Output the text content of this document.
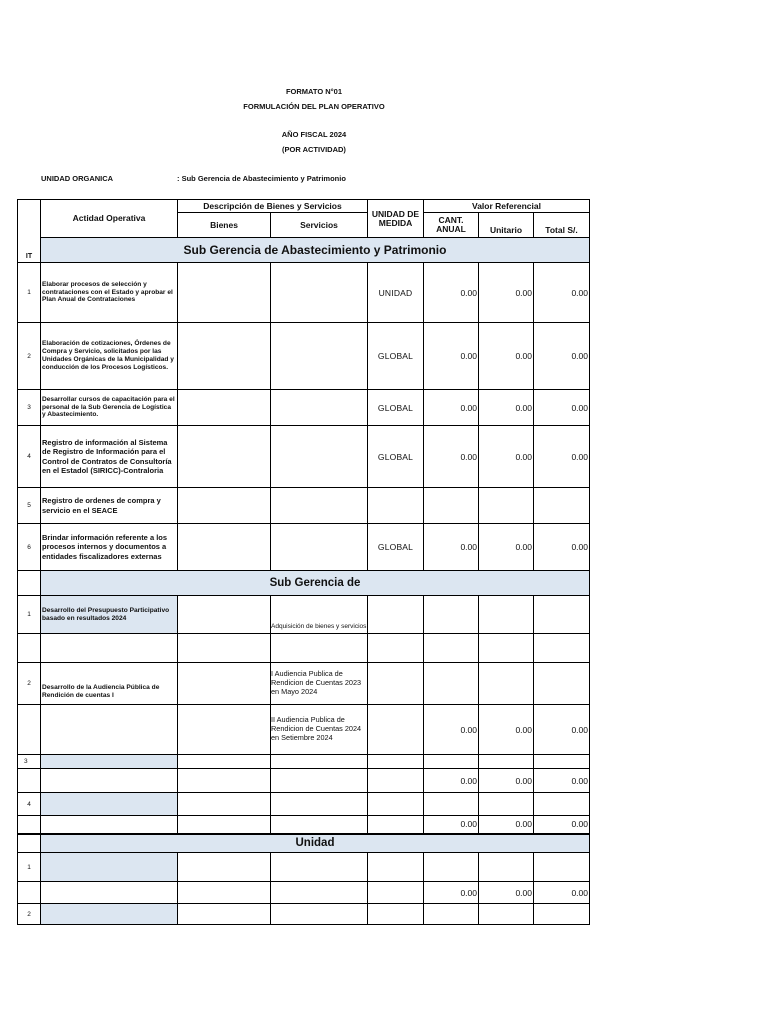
FORMATO N°01
FORMULACIÓN DEL PLAN OPERATIVO
AÑO FISCAL 2024
(POR ACTIVIDAD)
UNIDAD ORGANICA	: Sub Gerencia de Abastecimiento y Patrimonio
IT	Actidad Operativa	Descripción de Bienes y Servicios		UNIDAD DE MEDIDA	Valor Referencial		
		Bienes	Servicios		CANT. ANUAL	Unitario	Total S/.
	Sub Gerencia de Abastecimiento y Patrimonio						
1	Elaborar procesos de selección y contrataciones con el Estado y aprobar el Plan Anual de Contrataciones			UNIDAD	0.00	0.00	0.00
2	Elaboración de cotizaciones, Órdenes de Compra y Servicio, solicitados por las Unidades Orgánicas de la Municipalidad y conducción de los Procesos Logísticos.			GLOBAL	0.00	0.00	0.00
3	Desarrollar cursos de capacitación para el personal de la Sub Gerencia de Logística y Abastecimiento.			GLOBAL	0.00	0.00	0.00
4	Registro de información al Sistema de Registro de Información para el Control de Contratos de Consultoría en el Estadol (SIRICC)-Contraloria			GLOBAL	0.00	0.00	0.00
5	Registro de ordenes de compra y servicio en el SEACE						
6	Brindar información referente a los procesos internos y documentos a entidades fiscalizadores externas			GLOBAL	0.00	0.00	0.00
	Sub Gerencia de						
1	Desarrollo del Presupuesto Participativo basado en resultados 2024		Adquisición de bienes y servicios				

2	Desarrollo de la Audiencia Pública de Rendición de cuentas I		I Audiencia Publica de Rendicion de Cuentas 2023 en Mayo 2024				
			II Audiencia Publica de Rendicion de Cuentas 2024 en Setiembre 2024		0.00	0.00	0.00
3							
					0.00	0.00	0.00
4							
					0.00	0.00	0.00
	Unidad						
1							
					0.00	0.00	0.00
2							
